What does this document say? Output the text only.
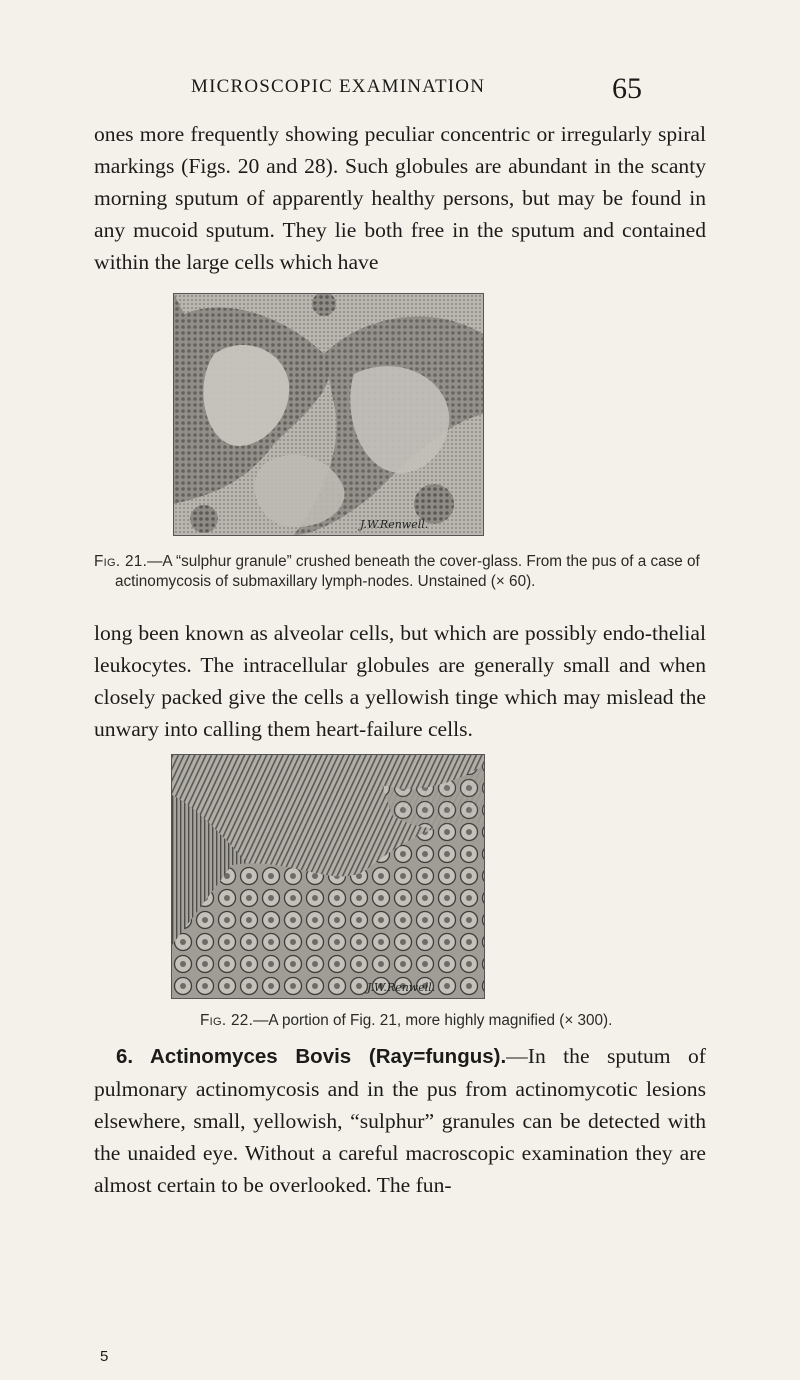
MICROSCOPIC EXAMINATION	65

ones more frequently showing peculiar concentric or irregularly spiral markings (Figs. 20 and 28). Such globules are abundant in the scanty morning sputum of apparently healthy persons, but may be found in any mucoid sputum. They lie both free in the sputum and contained within the large cells which have

J.W.Renwell.

Fig. 21.—A “sulphur granule” crushed beneath the cover-glass. From the pus of a case of
actinomycosis of submaxillary lymph-nodes. Unstained (× 60).

long been known as alveolar cells, but which are possibly endo-thelial leukocytes. The intracellular globules are generally small and when closely packed give the cells a yellowish tinge which may mislead the unwary into calling them heart-failure cells.

J.W.Renwell.

Fig. 22.—A portion of Fig. 21, more highly magnified (× 300).

6. Actinomyces Bovis (Ray=fungus).—In the sputum of pulmonary actinomycosis and in the pus from actinomycotic lesions elsewhere, small, yellowish, “sulphur” granules can be detected with the unaided eye. Without a careful macroscopic examination they are almost certain to be overlooked. The fun-

5
